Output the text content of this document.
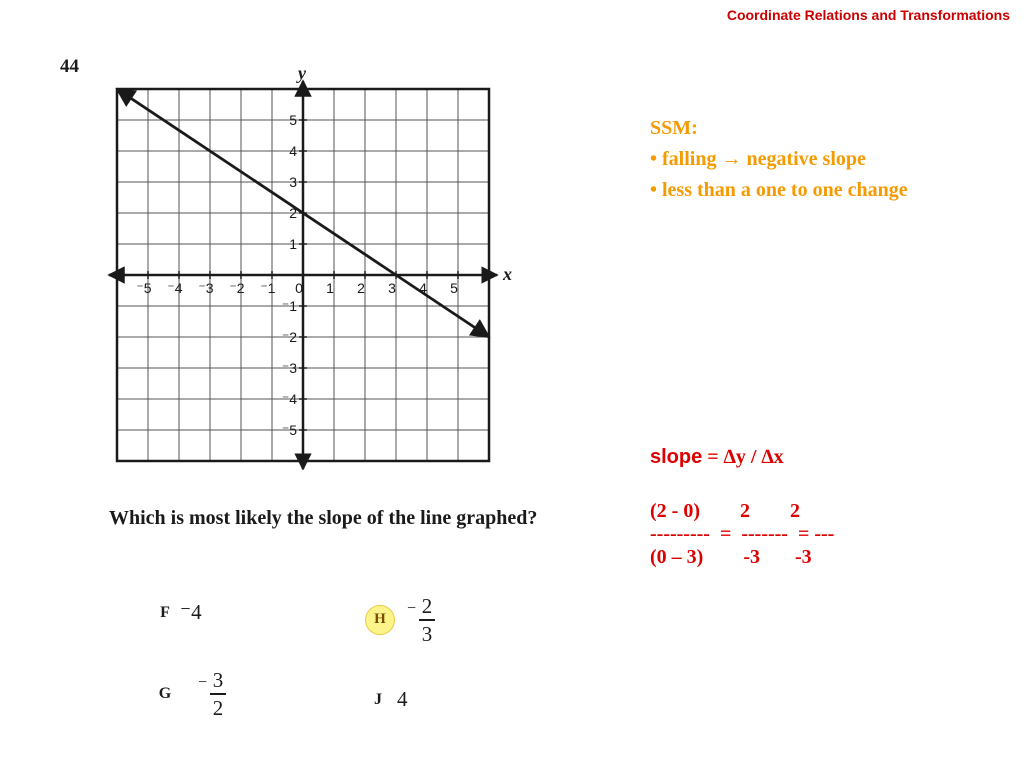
Coordinate Relations and Transformations
44
⁻5 ⁻4 ⁻3 ⁻2 ⁻1 0 1 2 3 4 5
5
4
3
2
1
⁻1
⁻2
⁻3
⁻4
⁻5
x
y
SSM:
• falling → negative slope
• less than a one to one change
slope = ∆y / ∆x
(2 - 0)        2        2
---------  =  -------  = ---
(0 – 3)        -3       -3
Which is most likely the slope of the line graphed?
F ⁻4
G
− 3
2
H
− 2
3
J 4
